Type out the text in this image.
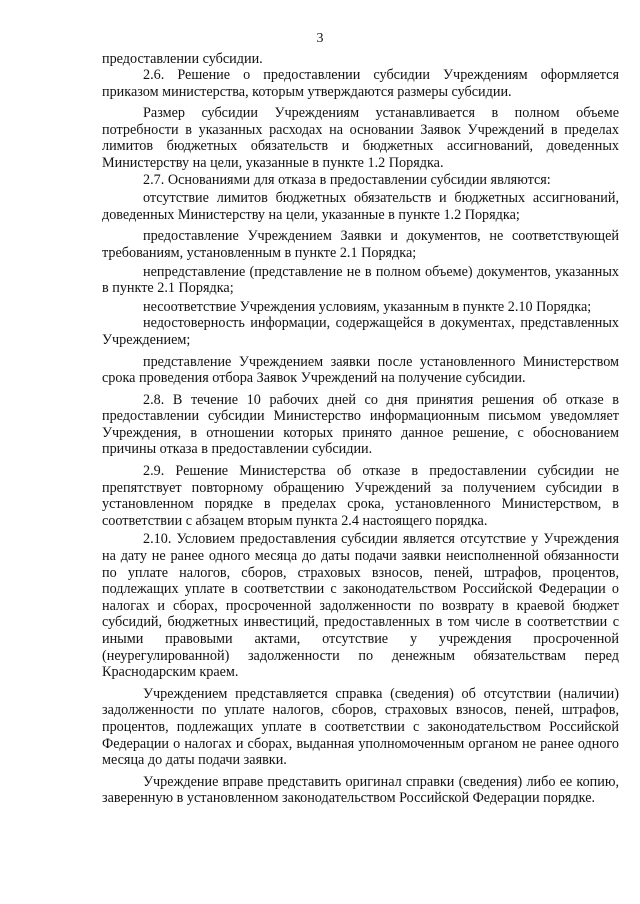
3

предоставлении субсидии.

2.6. Решение о предоставлении субсидии Учреждениям оформляется приказом министерства, которым утверждаются размеры субсидии.

Размер субсидии Учреждениям устанавливается в полном объеме потребности в указанных расходах на основании Заявок Учреждений в пределах лимитов бюджетных обязательств и бюджетных ассигнований, доведенных Министерству на цели, указанные в пункте 1.2 Порядка.

2.7. Основаниями для отказа в предоставлении субсидии являются:

отсутствие лимитов бюджетных обязательств и бюджетных ассигнований, доведенных Министерству на цели, указанные в пункте 1.2 Порядка;

предоставление Учреждением Заявки и документов, не соответствующей требованиям, установленным в пункте 2.1 Порядка;

непредставление (представление не в полном объеме) документов, указанных в пункте 2.1 Порядка;

несоответствие Учреждения условиям, указанным в пункте 2.10 Порядка;

недостоверность информации, содержащейся в документах, представленных Учреждением;

представление Учреждением заявки после установленного Министерством срока проведения отбора Заявок Учреждений на получение субсидии.

2.8. В течение 10 рабочих дней со дня принятия решения об отказе в предоставлении субсидии Министерство информационным письмом уведомляет Учреждения, в отношении которых принято данное решение, с обоснованием причины отказа в предоставлении субсидии.

2.9. Решение Министерства об отказе в предоставлении субсидии не препятствует повторному обращению Учреждений за получением субсидии в установленном порядке в пределах срока, установленного Министерством, в соответствии с абзацем вторым пункта 2.4 настоящего порядка.

2.10. Условием предоставления субсидии является отсутствие у Учреждения на дату не ранее одного месяца до даты подачи заявки неисполненной обязанности по уплате налогов, сборов, страховых взносов, пеней, штрафов, процентов, подлежащих уплате в соответствии с законодательством Российской Федерации о налогах и сборах, просроченной задолженности по возврату в краевой бюджет субсидий, бюджетных инвестиций, предоставленных в том числе в соответствии с иными правовыми актами, отсутствие у учреждения просроченной (неурегулированной) задолженности по денежным обязательствам перед Краснодарским краем.

Учреждением представляется справка (сведения) об отсутствии (наличии) задолженности по уплате налогов, сборов, страховых взносов, пеней, штрафов, процентов, подлежащих уплате в соответствии с законодательством Российской Федерации о налогах и сборах, выданная уполномоченным органом не ранее одного месяца до даты подачи заявки.

Учреждение вправе представить оригинал справки (сведения) либо ее копию, заверенную в установленном законодательством Российской Федерации порядке.
